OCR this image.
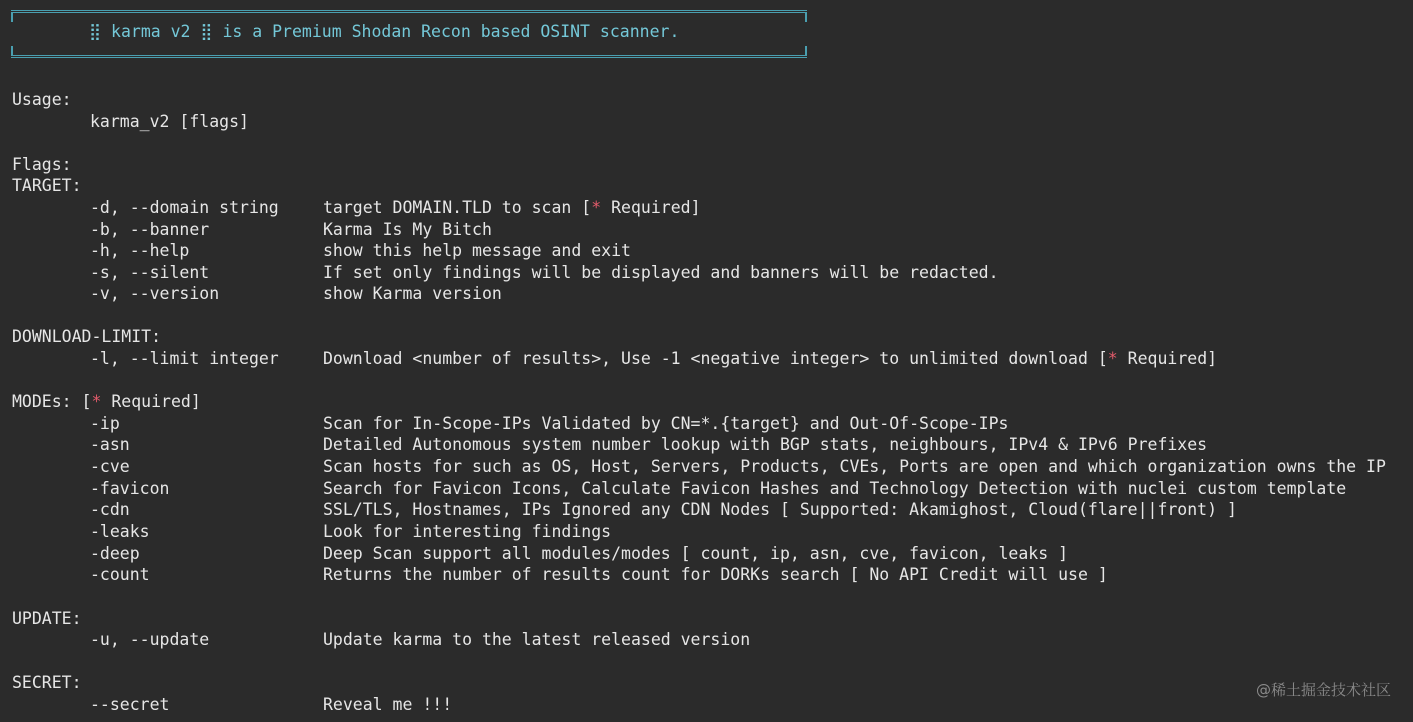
⣿ karma v2 ⣿ is a Premium Shodan Recon based OSINT scanner.
Usage:
karma_v2 [flags]
Flags:
TARGET:
-d, --domain string	target DOMAIN.TLD to scan [* Required]
-b, --banner	Karma Is My Bitch
-h, --help	show this help message and exit
-s, --silent	If set only findings will be displayed and banners will be redacted.
-v, --version	show Karma version
DOWNLOAD-LIMIT:
-l, --limit integer	Download <number of results>, Use -1 <negative integer> to unlimited download [* Required]
MODEs: [* Required]
-ip	Scan for In-Scope-IPs Validated by CN=*.{target} and Out-Of-Scope-IPs
-asn	Detailed Autonomous system number lookup with BGP stats, neighbours, IPv4 & IPv6 Prefixes
-cve	Scan hosts for such as OS, Host, Servers, Products, CVEs, Ports are open and which organization owns the IP
-favicon	Search for Favicon Icons, Calculate Favicon Hashes and Technology Detection with nuclei custom template
-cdn	SSL/TLS, Hostnames, IPs Ignored any CDN Nodes [ Supported: Akamighost, Cloud(flare||front) ]
-leaks	Look for interesting findings
-deep	Deep Scan support all modules/modes [ count, ip, asn, cve, favicon, leaks ]
-count	Returns the number of results count for DORKs search [ No API Credit will use ]
UPDATE:
-u, --update	Update karma to the latest released version
SECRET:
--secret	Reveal me !!!
@稀土掘金技术社区
